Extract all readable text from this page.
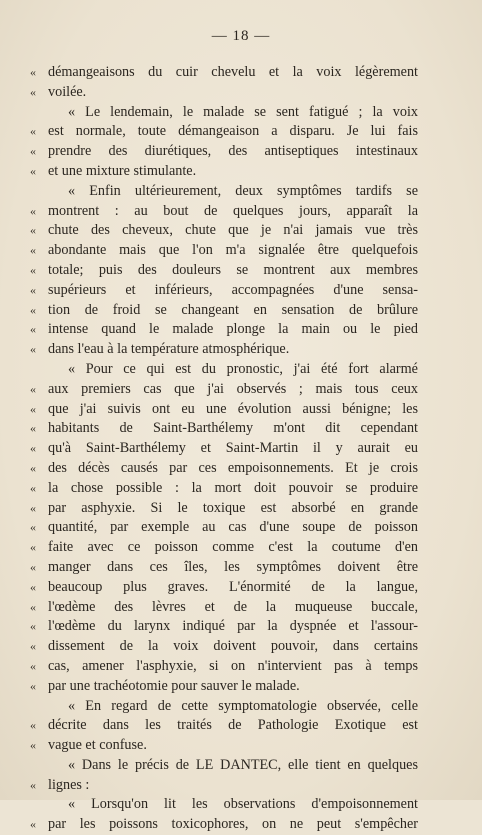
— 18 —
« démangeaisons du cuir chevelu et la voix légèrement
« voilée.
« Le lendemain, le malade se sent fatigué ; la voix
« est normale, toute démangeaison a disparu. Je lui fais
« prendre des diurétiques, des antiseptiques intestinaux
« et une mixture stimulante.
« Enfin ultérieurement, deux symptômes tardifs se
« montrent : au bout de quelques jours, apparaît la
« chute des cheveux, chute que je n'ai jamais vue très
« abondante mais que l'on m'a signalée être quelquefois
« totale; puis des douleurs se montrent aux membres
« supérieurs et inférieurs, accompagnées d'une sensa-
« tion de froid se changeant en sensation de brûlure
« intense quand le malade plonge la main ou le pied
« dans l'eau à la température atmosphérique.
« Pour ce qui est du pronostic, j'ai été fort alarmé
« aux premiers cas que j'ai observés ; mais tous ceux
« que j'ai suivis ont eu une évolution aussi bénigne; les
« habitants de Saint-Barthélemy m'ont dit cependant
« qu'à Saint-Barthélemy et Saint-Martin il y aurait eu
« des décès causés par ces empoisonnements. Et je crois
« la chose possible : la mort doit pouvoir se produire
« par asphyxie. Si le toxique est absorbé en grande
« quantité, par exemple au cas d'une soupe de poisson
« faite avec ce poisson comme c'est la coutume d'en
« manger dans ces îles, les symptômes doivent être
« beaucoup plus graves. L'énormité de la langue,
« l'œdème des lèvres et de la muqueuse buccale,
« l'œdème du larynx indiqué par la dyspnée et l'assour-
« dissement de la voix doivent pouvoir, dans certains
« cas, amener l'asphyxie, si on n'intervient pas à temps
« par une trachéotomie pour sauver le malade.
« En regard de cette symptomatologie observée, celle
« décrite dans les traités de Pathologie Exotique est
« vague et confuse.
« Dans le précis de LE DANTEC, elle tient en quelques
« lignes :
« Lorsqu'on lit les observations d'empoisonnement
« par les poissons toxicophores, on ne peut s'empêcher
